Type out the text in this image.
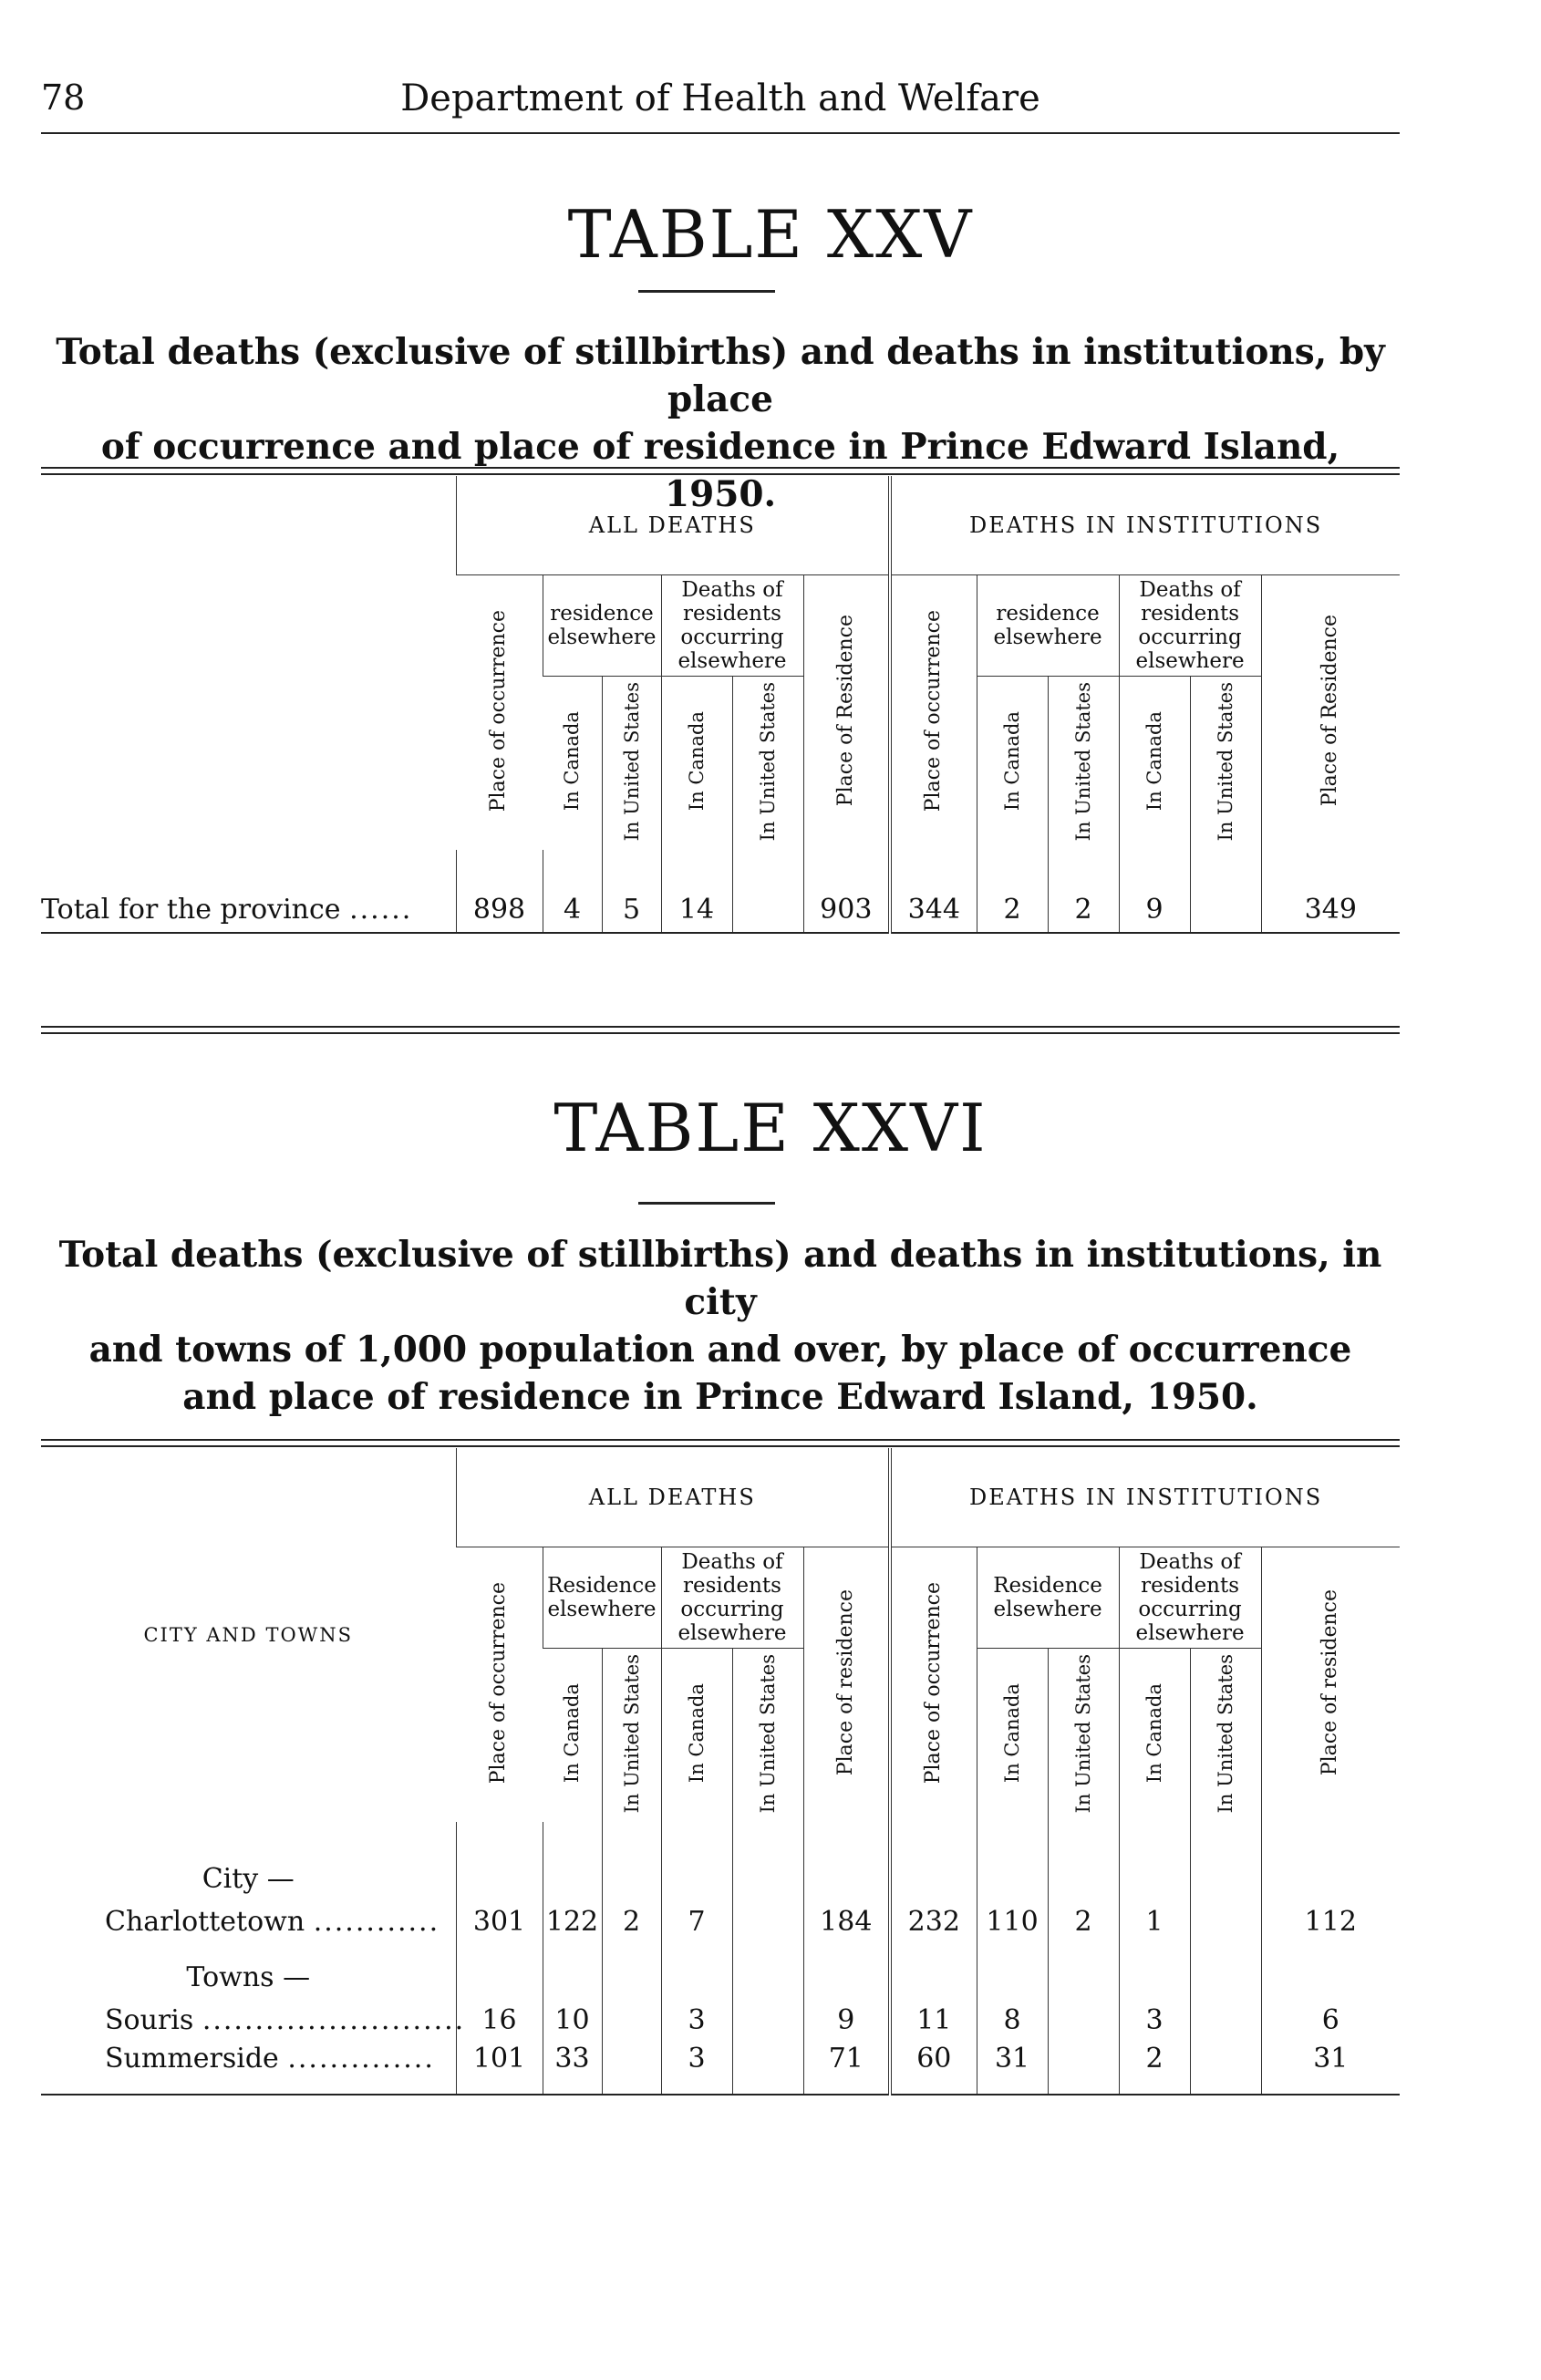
78	Department of Health and Welfare
TABLE XXV
Total deaths (exclusive of stillbirths) and deaths in institutions, by place
of occurrence and place of residence in Prince Edward Island, 1950.
	ALL DEATHS						DEATHS IN INSTITUTIONS					
	Place of occurrence	residence elsewhere		Deaths of residents occurring elsewhere		Place of Residence	Place of occurrence	residence elsewhere		Deaths of residents occurring elsewhere		Place of Residence
		In Canada	In United States	In Canada	In United States			In Canada	In United States	In Canada	In United States	

Total for the province ......	898	4	5	14		903	344	2	2	9		349
TABLE XXVI
Total deaths (exclusive of stillbirths) and deaths in institutions, in city
and towns of 1,000 population and over, by place of occurrence
and place of residence in Prince Edward Island, 1950.
CITY AND TOWNS	ALL DEATHS						DEATHS IN INSTITUTIONS					
	Place of occurrence	Residence elsewhere		Deaths of residents occurring elsewhere		Place of residence	Place of occurrence	Residence elsewhere		Deaths of residents occurring elsewhere		Place of residence
		In Canada	In United States	In Canada	In United States			In Canada	In United States	In Canada	In United States	

City —												
Charlottetown ............	301	122	2	7		184	232	110	2	1		112
Towns —												
Souris .........................	16	10		3		9	11	8		3		6
Summerside ..............	101	33		3		71	60	31		2		31
